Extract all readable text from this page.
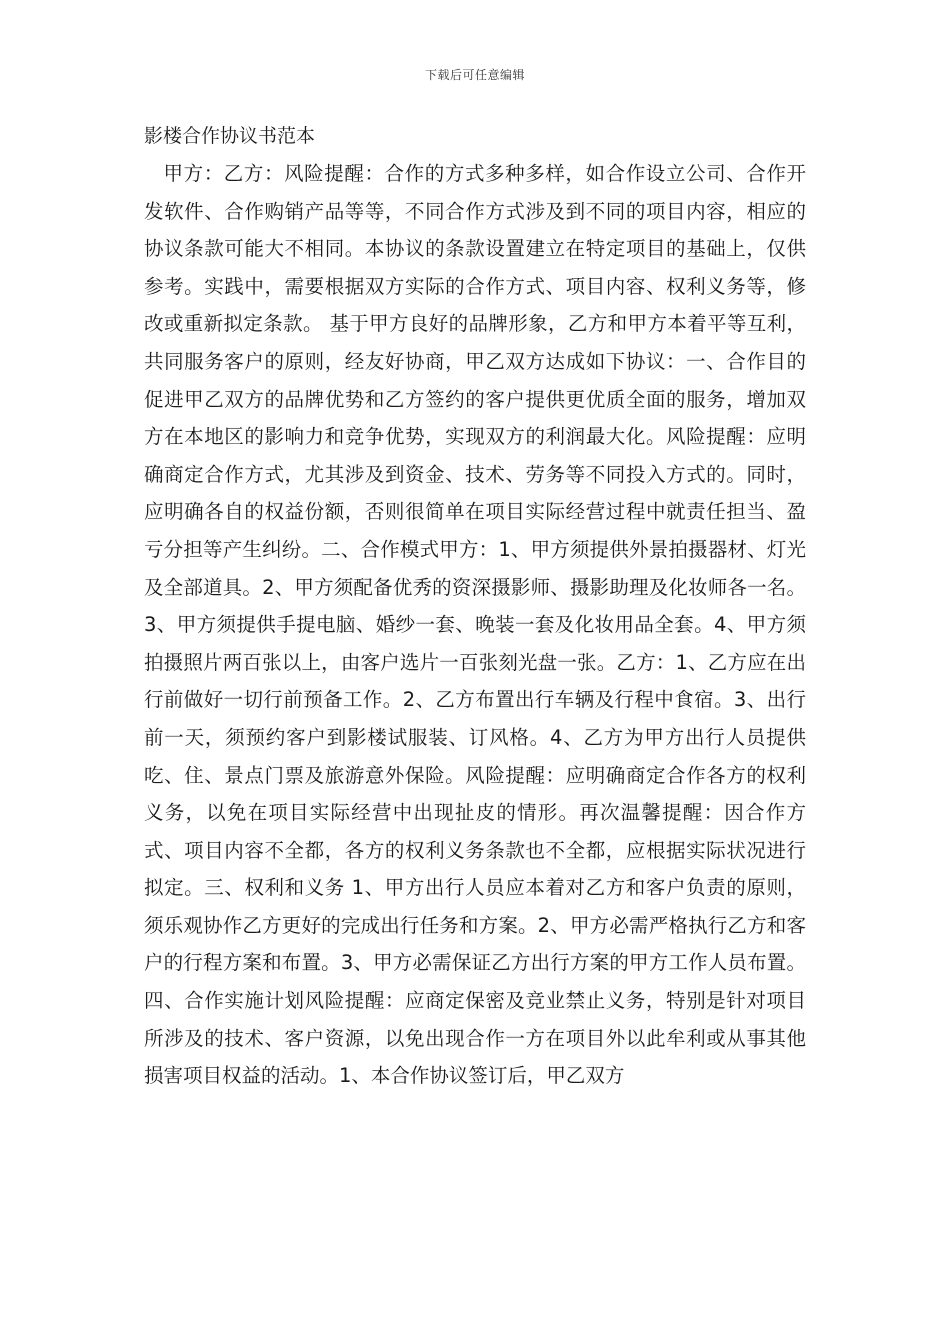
下载后可任意编辑
影楼合作协议书范本

甲方：乙方：风险提醒：合作的方式多种多样，如合作设立公司、合作开发软件、合作购销产品等等，不同合作方式涉及到不同的项目内容，相应的协议条款可能大不相同。本协议的条款设置建立在特定项目的基础上，仅供参考。实践中，需要根据双方实际的合作方式、项目内容、权利义务等，修改或重新拟定条款。 基于甲方良好的品牌形象，乙方和甲方本着平等互利，共同服务客户的原则，经友好协商，甲乙双方达成如下协议：一、合作目的促进甲乙双方的品牌优势和乙方签约的客户提供更优质全面的服务，增加双方在本地区的影响力和竞争优势，实现双方的利润最大化。风险提醒：应明确商定合作方式，尤其涉及到资金、技术、劳务等不同投入方式的。同时，应明确各自的权益份额，否则很简单在项目实际经营过程中就责任担当、盈亏分担等产生纠纷。二、合作模式甲方：1、甲方须提供外景拍摄器材、灯光及全部道具。2、甲方须配备优秀的资深摄影师、摄影助理及化妆师各一名。3、甲方须提供手提电脑、婚纱一套、晚装一套及化妆用品全套。4、甲方须拍摄照片两百张以上，由客户选片一百张刻光盘一张。乙方：1、乙方应在出行前做好一切行前预备工作。2、乙方布置出行车辆及行程中食宿。3、出行前一天，须预约客户到影楼试服装、订风格。4、乙方为甲方出行人员提供吃、住、景点门票及旅游意外保险。风险提醒：应明确商定合作各方的权利义务，以免在项目实际经营中出现扯皮的情形。再次温馨提醒：因合作方式、项目内容不全都，各方的权利义务条款也不全都，应根据实际状况进行拟定。三、权利和义务 1、甲方出行人员应本着对乙方和客户负责的原则，须乐观协作乙方更好的完成出行任务和方案。2、甲方必需严格执行乙方和客户的行程方案和布置。3、甲方必需保证乙方出行方案的甲方工作人员布置。四、合作实施计划风险提醒：应商定保密及竞业禁止义务，特别是针对项目所涉及的技术、客户资源，以免出现合作一方在项目外以此牟利或从事其他损害项目权益的活动。1、本合作协议签订后，甲乙双方
